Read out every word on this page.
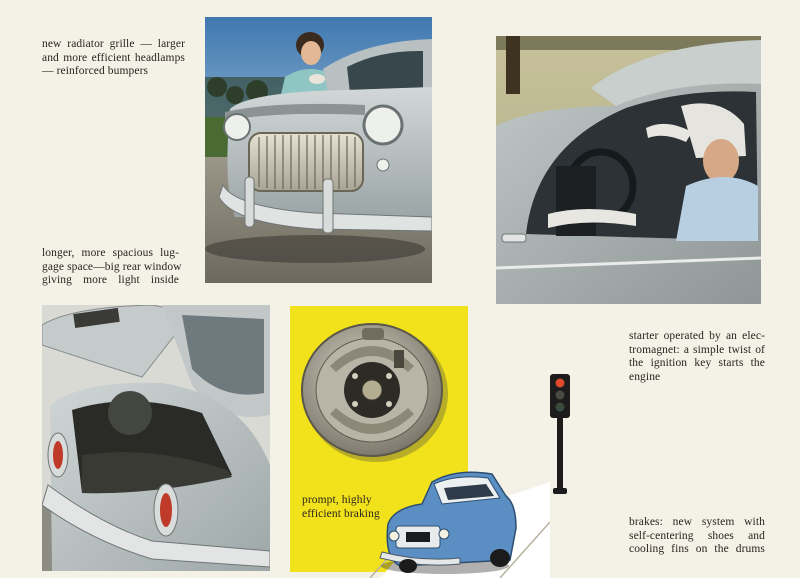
new radiator grille — larger
and more efficient headlamps
— reinforced bumpers
longer, more spacious lug-
gage space—big rear window
giving more light inside
starter operated by an elec-
tromagnet: a simple twist of
the ignition key starts the
engine
brakes: new system with
self-centering shoes and
cooling fins on the drums
prompt, highly
efficient braking
